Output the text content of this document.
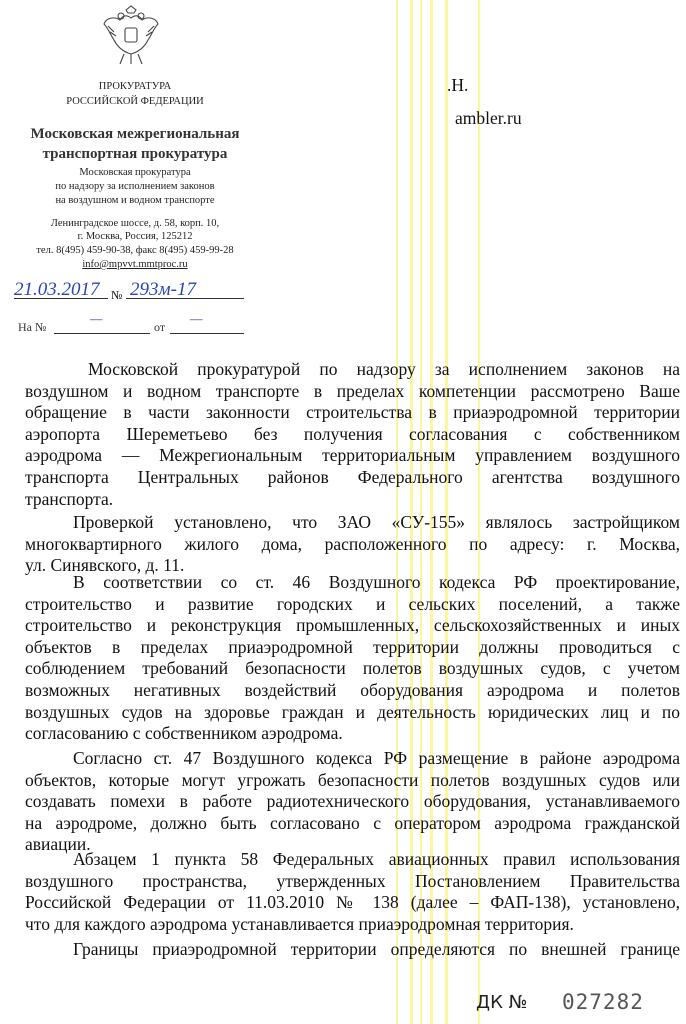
ПРОКУРАТУРА
РОССИЙСКОЙ ФЕДЕРАЦИИ
Московская межрегиональная
транспортная прокуратура
Московская прокуратура
по надзору за исполнением законов
на воздушном и водном транспорте
Ленинградское шоссе, д. 58, корп. 10,
г. Москва, Россия, 125212
тел. 8(495) 459-90-38, факс 8(495) 459-99-28
info@mpvvt.mmtproc.ru
21.03.2017 № 293м-17
На №	—	от —
.Н.
ambler.ru
Московской прокуратурой по надзору за исполнением законов на
воздушном и водном транспорте в пределах компетенции рассмотрено Ваше
обращение в части законности строительства в приаэродромной территории
аэропорта Шереметьево без получения согласования с собственником
аэродрома — Межрегиональным территориальным управлением воздушного
транспорта Центральных районов Федерального агентства воздушного
транспорта.
Проверкой установлено, что ЗАО «СУ-155» являлось застройщиком
многоквартирного жилого дома, расположенного по адресу: г. Москва,
ул. Синявского, д. 11.
В соответствии со ст. 46 Воздушного кодекса РФ проектирование,
строительство и развитие городских и сельских поселений, а также
строительство и реконструкция промышленных, сельскохозяйственных и иных
объектов в пределах приаэродромной территории должны проводиться с
соблюдением требований безопасности полетов воздушных судов, с учетом
возможных негативных воздействий оборудования аэродрома и полетов
воздушных судов на здоровье граждан и деятельность юридических лиц и по
согласованию с собственником аэродрома.
Согласно ст. 47 Воздушного кодекса РФ размещение в районе аэродрома
объектов, которые могут угрожать безопасности полетов воздушных судов или
создавать помехи в работе радиотехнического оборудования, устанавливаемого
на аэродроме, должно быть согласовано с оператором аэродрома гражданской
авиации.
Абзацем 1 пункта 58 Федеральных авиационных правил использования
воздушного пространства, утвержденных Постановлением Правительства
Российской Федерации от 11.03.2010 № 138 (далее – ФАП-138), установлено,
что для каждого аэродрома устанавливается приаэродромная территория.
Границы приаэродромной территории определяются по внешней границе
ДК № 027282
